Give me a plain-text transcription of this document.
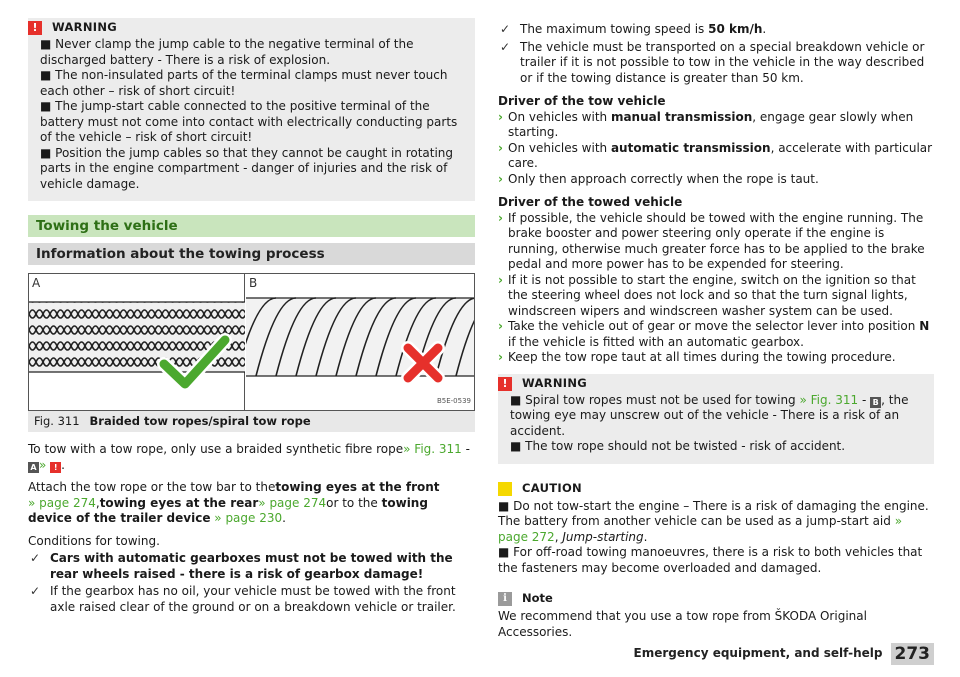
!	WARNING
■ Never clamp the jump cable to the negative terminal of the discharged battery - There is a risk of explosion.
■ The non-insulated parts of the terminal clamps must never touch each other – risk of short circuit!
■ The jump-start cable connected to the positive terminal of the battery must not come into contact with electrically conducting parts of the vehicle – risk of short circuit!
■ Position the jump cables so that they cannot be caught in rotating parts in the engine compartment - danger of injuries and the risk of vehicle damage.
Towing the vehicle
Information about the towing process
A	B
B5E-0539
Fig. 311 Braided tow ropes/spiral tow rope

To tow with a tow rope, only use a braided synthetic fibre rope» Fig. 311 -
A » ! .

Attach the tow rope or the tow bar to thetowing eyes at the front
» page 274,towing eyes at the rear» page 274or to the towing device of the trailer device » page 230.

Conditions for towing.

✓ Cars with automatic gearboxes must not be towed with the rear wheels raised - there is a risk of gearbox damage!
✓ If the gearbox has no oil, your vehicle must be towed with the front axle raised clear of the ground or on a breakdown vehicle or trailer.
✓ The maximum towing speed is 50 km/h.
✓ The vehicle must be transported on a special breakdown vehicle or trailer if it is not possible to tow in the vehicle in the way described or if the towing distance is greater than 50 km.
Driver of the tow vehicle
› On vehicles with manual transmission, engage gear slowly when starting.
› On vehicles with automatic transmission, accelerate with particular care.
› Only then approach correctly when the rope is taut.
Driver of the towed vehicle
› If possible, the vehicle should be towed with the engine running. The brake booster and power steering only operate if the engine is running, otherwise much greater force has to be applied to the brake pedal and more power has to be expended for steering.
› If it is not possible to start the engine, switch on the ignition so that the steering wheel does not lock and so that the turn signal lights, windscreen wipers and windscreen washer system can be used.
› Take the vehicle out of gear or move the selector lever into position N if the vehicle is fitted with an automatic gearbox.
› Keep the tow rope taut at all times during the towing procedure.
!	WARNING
■ Spiral tow ropes must not be used for towing » Fig. 311 - B , the towing eye may unscrew out of the vehicle - There is a risk of an accident.
■ The tow rope should not be twisted - risk of accident.
CAUTION
■ Do not tow-start the engine – There is a risk of damaging the engine. The battery from another vehicle can be used as a jump-start aid » page 272, Jump-starting.
■ For off-road towing manoeuvres, there is a risk to both vehicles that the fasteners may become overloaded and damaged.
i	Note
We recommend that you use a tow rope from ŠKODA Original Accessories.
Emergency equipment, and self-help 273
